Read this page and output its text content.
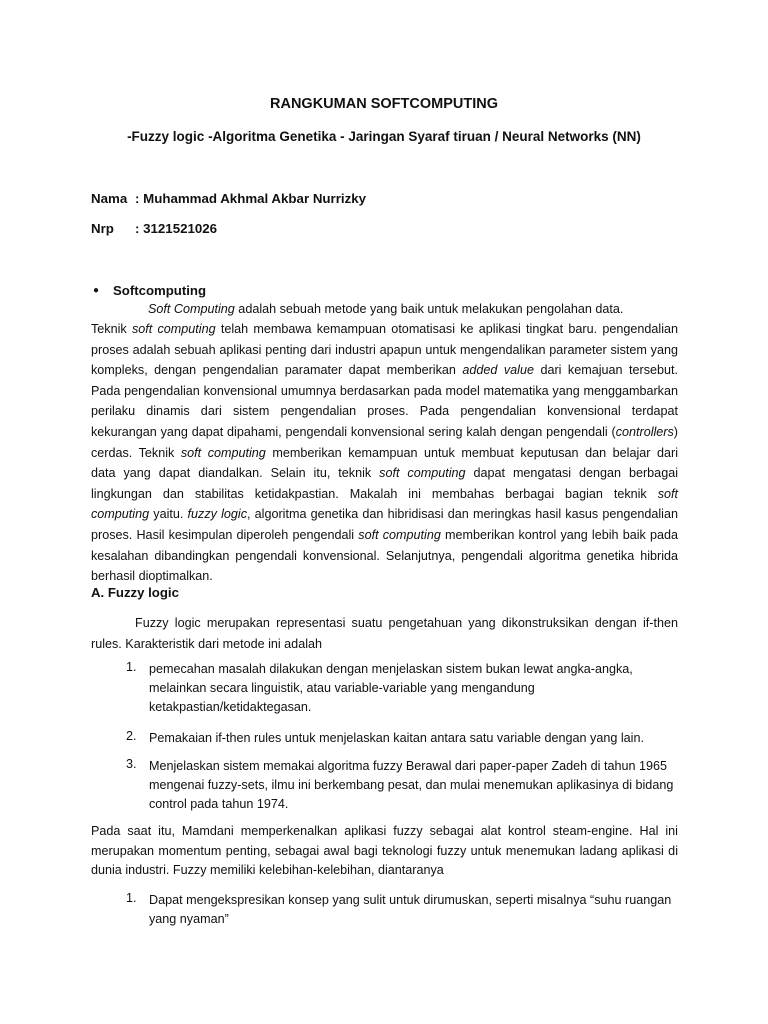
RANGKUMAN SOFTCOMPUTING
-Fuzzy logic -Algoritma Genetika - Jaringan Syaraf tiruan / Neural Networks (NN)
Nama : Muhammad Akhmal Akbar Nurrizky
Nrp : 3121521026
● Softcomputing
Soft Computing adalah sebuah metode yang baik untuk melakukan pengolahan data.
Teknik soft computing telah membawa kemampuan otomatisasi ke aplikasi tingkat baru. pengendalian
proses adalah sebuah aplikasi penting dari industri apapun untuk mengendalikan parameter sistem yang
kompleks, dengan pengendalian paramater dapat memberikan added value dari kemajuan tersebut.
Pada pengendalian konvensional umumnya berdasarkan pada model matematika yang menggambarkan
perilaku dinamis dari sistem pengendalian proses. Pada pengendalian konvensional terdapat
kekurangan yang dapat dipahami, pengendali konvensional sering kalah dengan pengendali (controllers)
cerdas. Teknik soft computing memberikan kemampuan untuk membuat keputusan dan belajar dari
data yang dapat diandalkan. Selain itu, teknik soft computing dapat mengatasi dengan berbagai
lingkungan dan stabilitas ketidakpastian. Makalah ini membahas berbagai bagian teknik soft
computing yaitu. fuzzy logic, algoritma genetika dan hibridisasi dan meringkas hasil kasus pengendalian
proses. Hasil kesimpulan diperoleh pengendali soft computing memberikan kontrol yang lebih baik pada
kesalahan dibandingkan pengendali konvensional. Selanjutnya, pengendali algoritma genetika hibrida
berhasil dioptimalkan.
A. Fuzzy logic
Fuzzy logic merupakan representasi suatu pengetahuan yang dikonstruksikan dengan if-then
rules. Karakteristik dari metode ini adalah
1. pemecahan masalah dilakukan dengan menjelaskan sistem bukan lewat angka-angka,
melainkan secara linguistik, atau variable-variable yang mengandung
ketakpastian/ketidaktegasan.
2. Pemakaian if-then rules untuk menjelaskan kaitan antara satu variable dengan yang lain.
3. Menjelaskan sistem memakai algoritma fuzzy Berawal dari paper-paper Zadeh di tahun 1965
mengenai fuzzy-sets, ilmu ini berkembang pesat, dan mulai menemukan aplikasinya di bidang
control pada tahun 1974.
Pada saat itu, Mamdani memperkenalkan aplikasi fuzzy sebagai alat kontrol steam-engine. Hal ini
merupakan momentum penting, sebagai awal bagi teknologi fuzzy untuk menemukan ladang aplikasi di
dunia industri. Fuzzy memiliki kelebihan-kelebihan, diantaranya
1. Dapat mengekspresikan konsep yang sulit untuk dirumuskan, seperti misalnya “suhu ruangan
yang nyaman”
